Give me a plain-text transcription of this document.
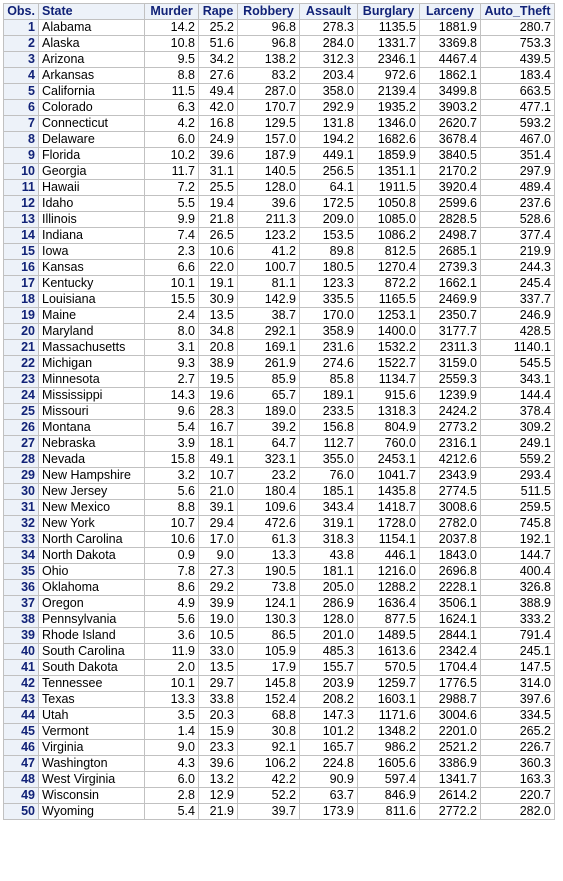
Obs.	State	Murder	Rape	Robbery	Assault	Burglary	Larceny	Auto_Theft
1	Alabama	14.2	25.2	96.8	278.3	1135.5	1881.9	280.7
2	Alaska	10.8	51.6	96.8	284.0	1331.7	3369.8	753.3
3	Arizona	9.5	34.2	138.2	312.3	2346.1	4467.4	439.5
4	Arkansas	8.8	27.6	83.2	203.4	972.6	1862.1	183.4
5	California	11.5	49.4	287.0	358.0	2139.4	3499.8	663.5
6	Colorado	6.3	42.0	170.7	292.9	1935.2	3903.2	477.1
7	Connecticut	4.2	16.8	129.5	131.8	1346.0	2620.7	593.2
8	Delaware	6.0	24.9	157.0	194.2	1682.6	3678.4	467.0
9	Florida	10.2	39.6	187.9	449.1	1859.9	3840.5	351.4
10	Georgia	11.7	31.1	140.5	256.5	1351.1	2170.2	297.9
11	Hawaii	7.2	25.5	128.0	64.1	1911.5	3920.4	489.4
12	Idaho	5.5	19.4	39.6	172.5	1050.8	2599.6	237.6
13	Illinois	9.9	21.8	211.3	209.0	1085.0	2828.5	528.6
14	Indiana	7.4	26.5	123.2	153.5	1086.2	2498.7	377.4
15	Iowa	2.3	10.6	41.2	89.8	812.5	2685.1	219.9
16	Kansas	6.6	22.0	100.7	180.5	1270.4	2739.3	244.3
17	Kentucky	10.1	19.1	81.1	123.3	872.2	1662.1	245.4
18	Louisiana	15.5	30.9	142.9	335.5	1165.5	2469.9	337.7
19	Maine	2.4	13.5	38.7	170.0	1253.1	2350.7	246.9
20	Maryland	8.0	34.8	292.1	358.9	1400.0	3177.7	428.5
21	Massachusetts	3.1	20.8	169.1	231.6	1532.2	2311.3	1140.1
22	Michigan	9.3	38.9	261.9	274.6	1522.7	3159.0	545.5
23	Minnesota	2.7	19.5	85.9	85.8	1134.7	2559.3	343.1
24	Mississippi	14.3	19.6	65.7	189.1	915.6	1239.9	144.4
25	Missouri	9.6	28.3	189.0	233.5	1318.3	2424.2	378.4
26	Montana	5.4	16.7	39.2	156.8	804.9	2773.2	309.2
27	Nebraska	3.9	18.1	64.7	112.7	760.0	2316.1	249.1
28	Nevada	15.8	49.1	323.1	355.0	2453.1	4212.6	559.2
29	New Hampshire	3.2	10.7	23.2	76.0	1041.7	2343.9	293.4
30	New Jersey	5.6	21.0	180.4	185.1	1435.8	2774.5	511.5
31	New Mexico	8.8	39.1	109.6	343.4	1418.7	3008.6	259.5
32	New York	10.7	29.4	472.6	319.1	1728.0	2782.0	745.8
33	North Carolina	10.6	17.0	61.3	318.3	1154.1	2037.8	192.1
34	North Dakota	0.9	9.0	13.3	43.8	446.1	1843.0	144.7
35	Ohio	7.8	27.3	190.5	181.1	1216.0	2696.8	400.4
36	Oklahoma	8.6	29.2	73.8	205.0	1288.2	2228.1	326.8
37	Oregon	4.9	39.9	124.1	286.9	1636.4	3506.1	388.9
38	Pennsylvania	5.6	19.0	130.3	128.0	877.5	1624.1	333.2
39	Rhode Island	3.6	10.5	86.5	201.0	1489.5	2844.1	791.4
40	South Carolina	11.9	33.0	105.9	485.3	1613.6	2342.4	245.1
41	South Dakota	2.0	13.5	17.9	155.7	570.5	1704.4	147.5
42	Tennessee	10.1	29.7	145.8	203.9	1259.7	1776.5	314.0
43	Texas	13.3	33.8	152.4	208.2	1603.1	2988.7	397.6
44	Utah	3.5	20.3	68.8	147.3	1171.6	3004.6	334.5
45	Vermont	1.4	15.9	30.8	101.2	1348.2	2201.0	265.2
46	Virginia	9.0	23.3	92.1	165.7	986.2	2521.2	226.7
47	Washington	4.3	39.6	106.2	224.8	1605.6	3386.9	360.3
48	West Virginia	6.0	13.2	42.2	90.9	597.4	1341.7	163.3
49	Wisconsin	2.8	12.9	52.2	63.7	846.9	2614.2	220.7
50	Wyoming	5.4	21.9	39.7	173.9	811.6	2772.2	282.0
